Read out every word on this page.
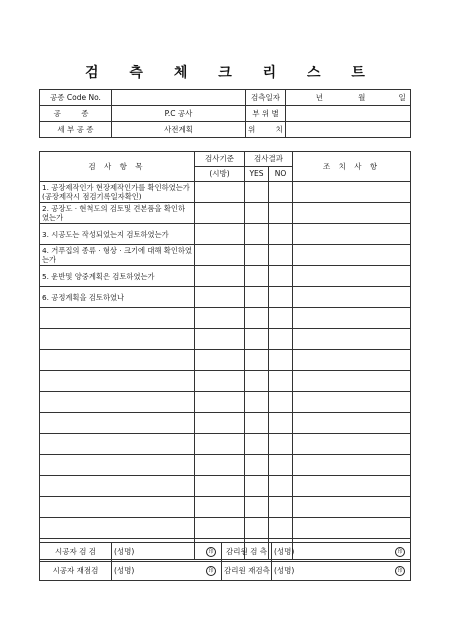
검 측 체 크 리 스 트
공종 Code No.		검측일자	년 월 일
공 종	P.C 공사	부 위 별	
세 부 공 종	사전계획	위 치	
검 사 항 목	검사기준	검사결과		조 치 사 항
	(시방)	YES	NO	
1. 공장제작인가 현장제작인가를 확인하였는가(공장제작시 점검기록일자확인)				
2. 공장도 · 현척도의 검토및 견본품을 확인하였는가				
3. 시공도는 작성되었는지 검토하였는가				
4. 거푸집의 종류 · 형상 · 크기에 대해 확인하였는가				
5. 운반및 양중계획은 검토하였는가				
6. 공정계획을 검토하였나				

시공자 검 검	(성명) 印	감리원 검 측	(성명) 印

시공자 재점검	(성명) 印	감리원 재검측	(성명) 印
